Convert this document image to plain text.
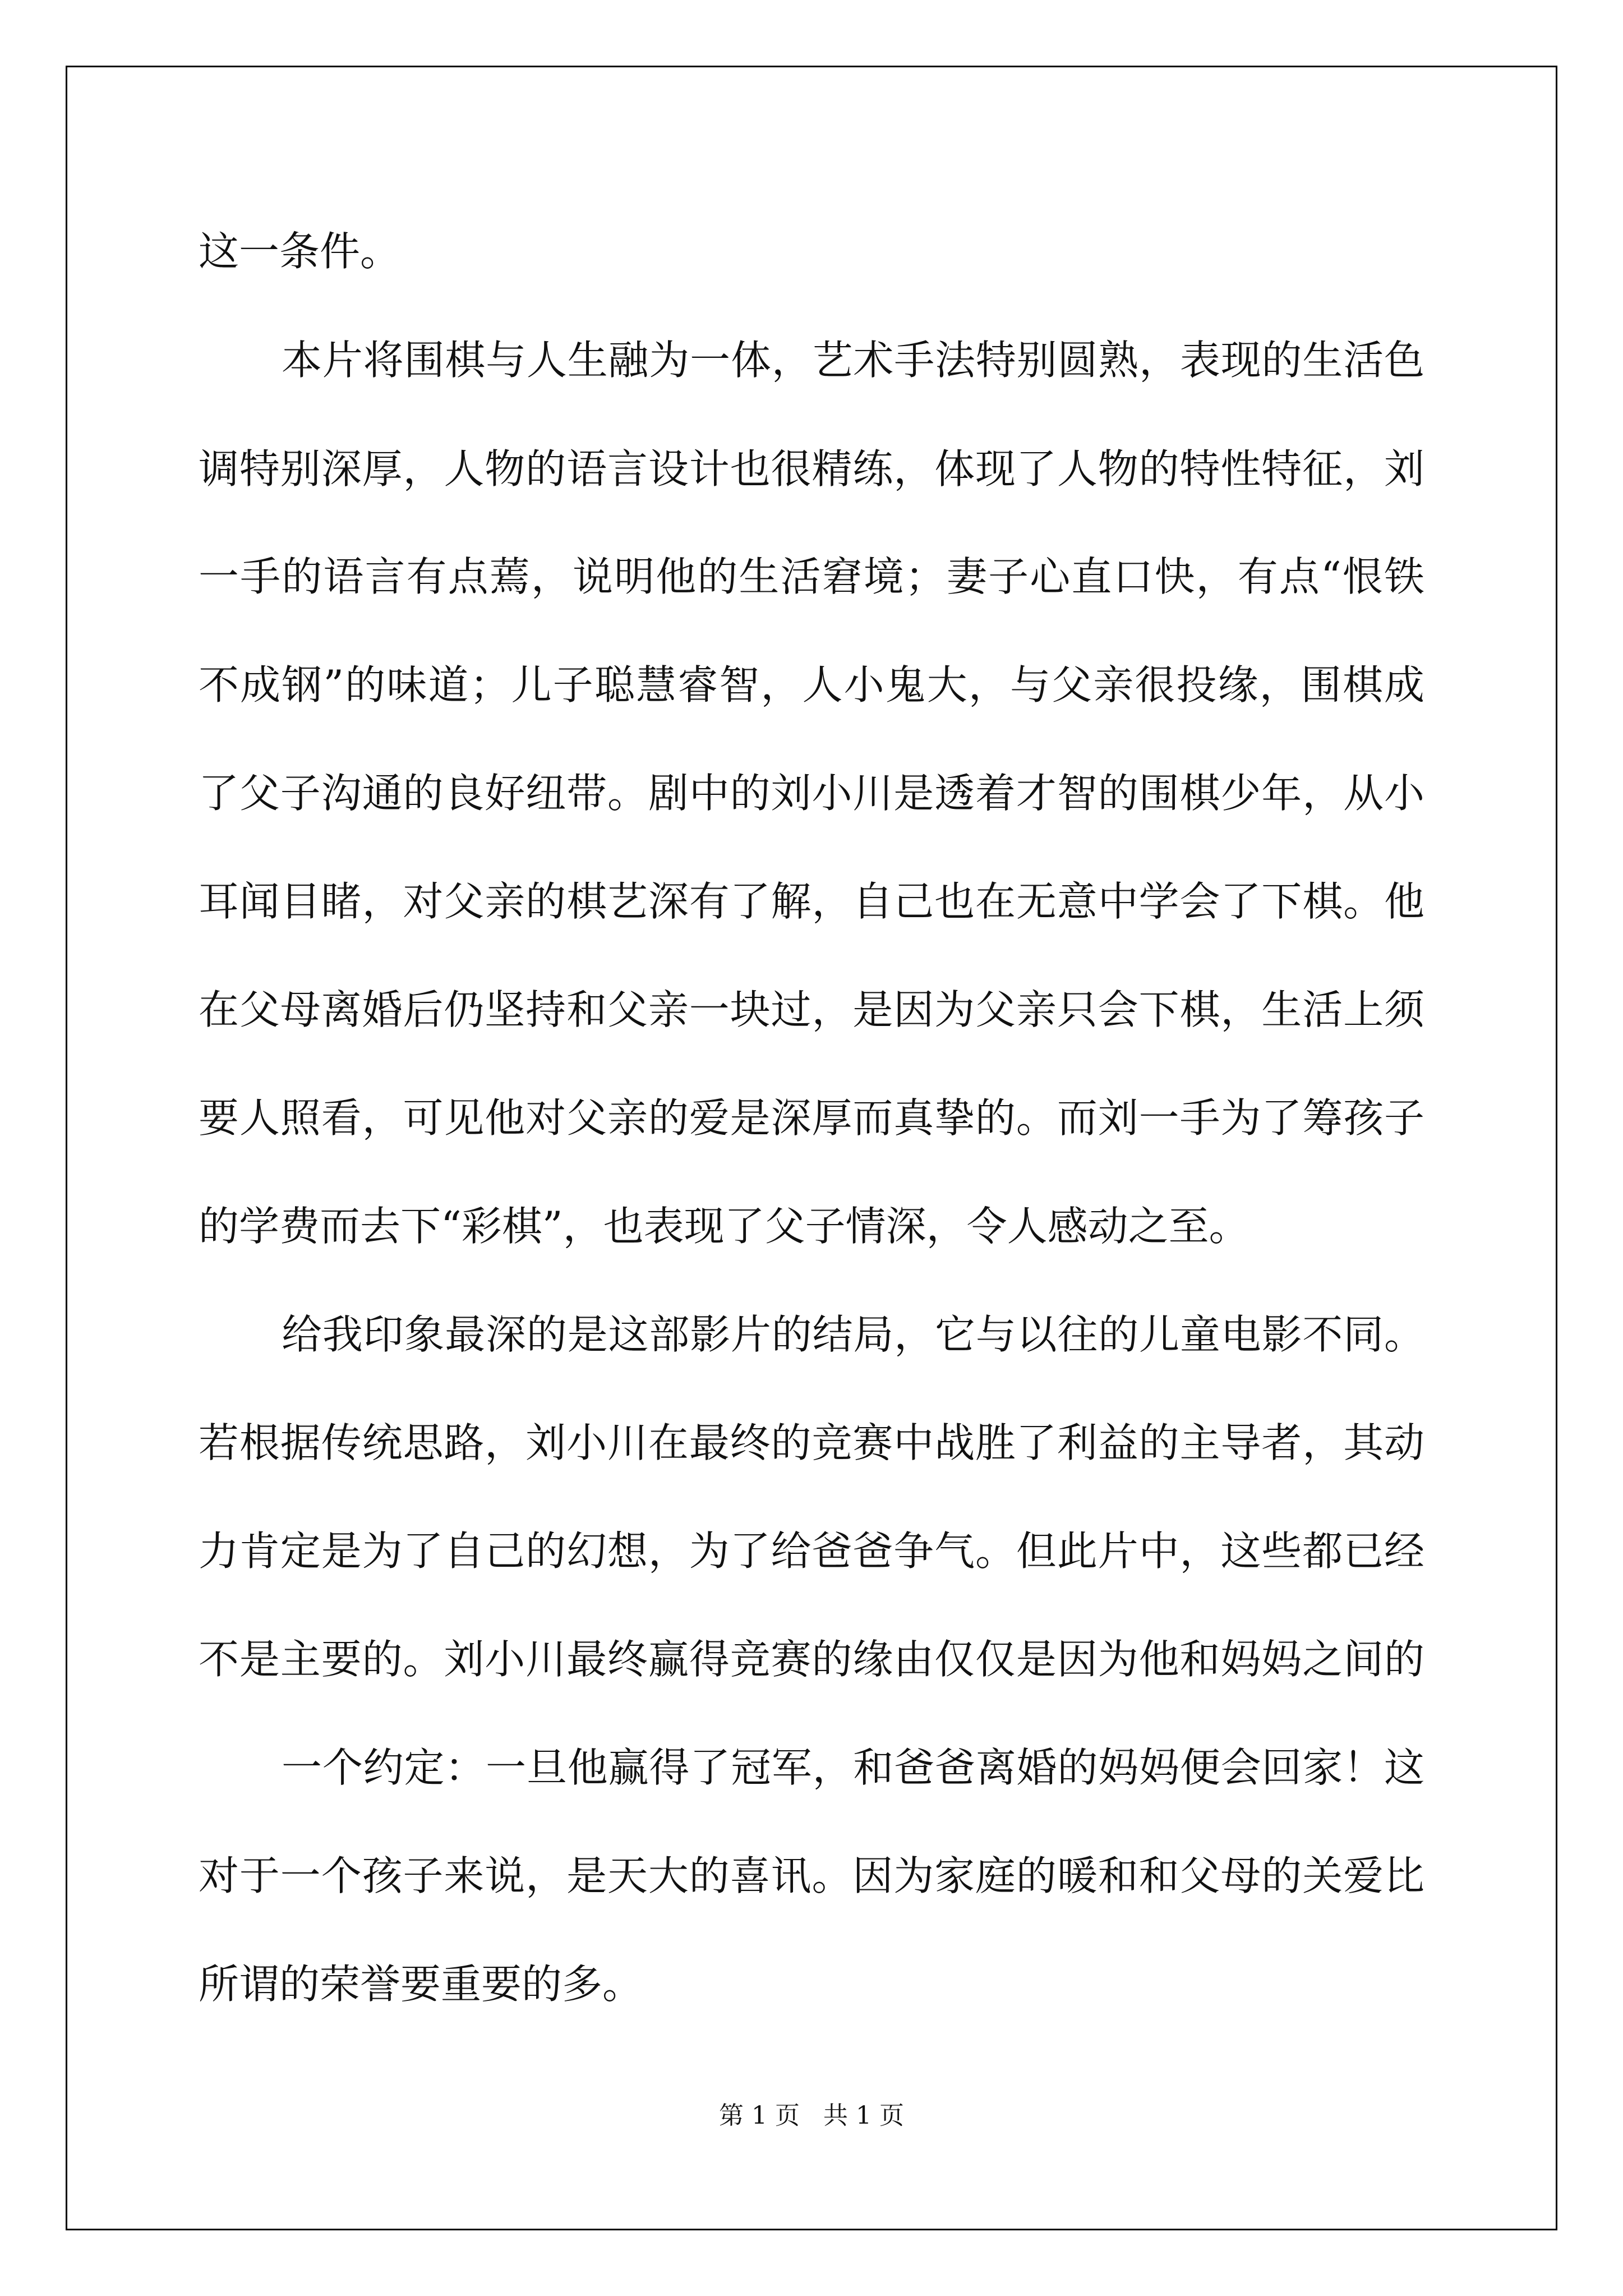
这一条件。

本片将围棋与人生融为一体，艺术手法特别圆熟，表现的生活色

调特别深厚，人物的语言设计也很精练，体现了人物的特性特征，刘

一手的语言有点蔫，说明他的生活窘境；妻子心直口快，有点“恨铁

不成钢”的味道；儿子聪慧睿智，人小鬼大，与父亲很投缘，围棋成

了父子沟通的良好纽带。剧中的刘小川是透着才智的围棋少年，从小

耳闻目睹，对父亲的棋艺深有了解，自己也在无意中学会了下棋。他

在父母离婚后仍坚持和父亲一块过，是因为父亲只会下棋，生活上须

要人照看，可见他对父亲的爱是深厚而真挚的。而刘一手为了筹孩子

的学费而去下“彩棋”，也表现了父子情深，令人感动之至。

给我印象最深的是这部影片的结局，它与以往的儿童电影不同。

若根据传统思路，刘小川在最终的竞赛中战胜了利益的主导者，其动

力肯定是为了自己的幻想，为了给爸爸争气。但此片中，这些都已经

不是主要的。刘小川最终赢得竞赛的缘由仅仅是因为他和妈妈之间的

一个约定：一旦他赢得了冠军，和爸爸离婚的妈妈便会回家！这

对于一个孩子来说，是天大的喜讯。因为家庭的暖和和父母的关爱比

所谓的荣誉要重要的多。

第 1 页   共 1 页
